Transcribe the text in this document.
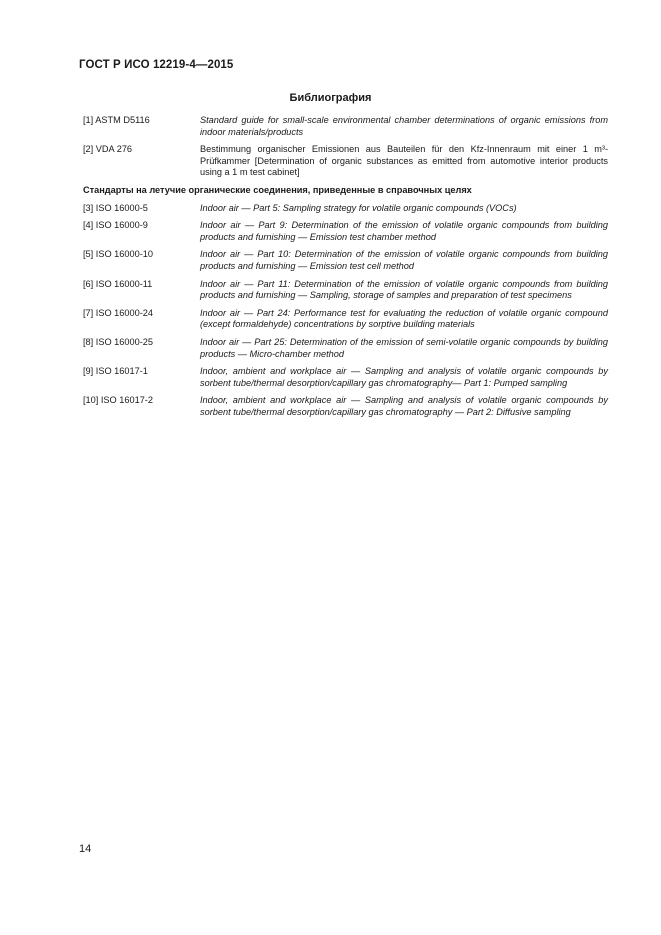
ГОСТ Р ИСО 12219-4—2015
Библиография
[1] ASTM D5116	Standard guide for small-scale environmental chamber determinations of organic emissions from indoor materials/products
[2] VDA 276	Bestimmung organischer Emissionen aus Bauteilen für den Kfz-Innenraum mit einer 1 m³-Prüfkammer [Determination of organic substances as emitted from automotive interior products using a 1 m test cabinet]
Стандарты на летучие органические соединения, приведенные в справочных целях
[3] ISO 16000-5	Indoor air — Part 5: Sampling strategy for volatile organic compounds (VOCs)
[4] ISO 16000-9	Indoor air — Part 9: Determination of the emission of volatile organic compounds from building products and furnishing — Emission test chamber method
[5] ISO 16000-10	Indoor air — Part 10: Determination of the emission of volatile organic compounds from building products and furnishing — Emission test cell method
[6] ISO 16000-11	Indoor air — Part 11: Determination of the emission of volatile organic compounds from building products and furnishing — Sampling, storage of samples and preparation of test specimens
[7] ISO 16000-24	Indoor air — Part 24: Performance test for evaluating the reduction of volatile organic compound (except formaldehyde) concentrations by sorptive building materials
[8] ISO 16000-25	Indoor air — Part 25: Determination of the emission of semi-volatile organic compounds by building products — Micro-chamber method
[9] ISO 16017-1	Indoor, ambient and workplace air — Sampling and analysis of volatile organic compounds by sorbent tube/thermal desorption/capillary gas chromatography— Part 1: Pumped sampling
[10] ISO 16017-2	Indoor, ambient and workplace air — Sampling and analysis of volatile organic compounds by sorbent tube/thermal desorption/capillary gas chromatography — Part 2: Diffusive sampling
14
